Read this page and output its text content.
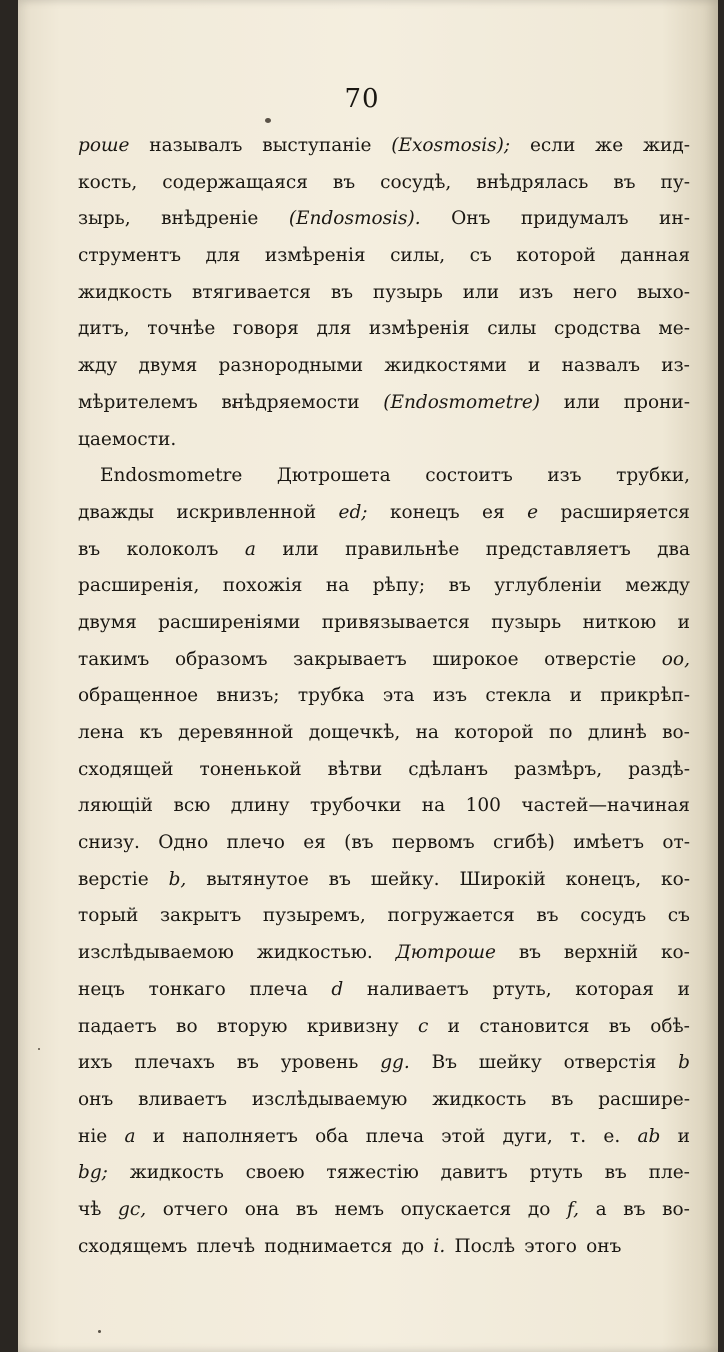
70
роше называлъ выступаніе (Exosmosis); если же жид-
кость, содержащаяся въ сосудѣ, внѣдрялась въ пу-
зырь, внѣдреніе (Endosmosis). Онъ придумалъ ин-
струментъ для измѣренія силы, съ которой данная
жидкость втягивается въ пузырь или изъ него выхо-
дитъ, точнѣе говоря для измѣренія силы сродства ме-
жду двумя разнородными жидкостями и назвалъ из-
мѣрителемъ внѣдряемости (Endosmometre) или прони-
цаемости.
Endosmometre Дютрошета состоитъ изъ трубки,
дважды искривленной ed; конецъ ея e расширяется
въ колоколъ a или правильнѣе представляетъ два
расширенія, похожія на рѣпу; въ углубленіи между
двумя расширеніями привязывается пузырь ниткою и
такимъ образомъ закрываетъ широкое отверстіе oo,
обращенное внизъ; трубка эта изъ стекла и прикрѣп-
лена къ деревянной дощечкѣ, на которой по длинѣ во-
сходящей тоненькой вѣтви сдѣланъ размѣръ, раздѣ-
ляющій всю длину трубочки на 100 частей—начиная
снизу. Одно плечо ея (въ первомъ сгибѣ) имѣетъ от-
верстіе b, вытянутое въ шейку. Широкій конецъ, ко-
торый закрытъ пузыремъ, погружается въ сосудъ съ
изслѣдываемою жидкостью. Дютроше въ верхній ко-
нецъ тонкаго плеча d наливаетъ ртуть, которая и
падаетъ во вторую кривизну c и становится въ обѣ-
ихъ плечахъ въ уровень gg. Въ шейку отверстія b
онъ вливаетъ изслѣдываемую жидкость въ расшире-
ніе a и наполняетъ оба плеча этой дуги, т. е. ab и
bg; жидкость своею тяжестію давитъ ртуть въ пле-
чѣ gc, отчего она въ немъ опускается до f, а въ во-
сходящемъ плечѣ поднимается до i. Послѣ этого онъ
